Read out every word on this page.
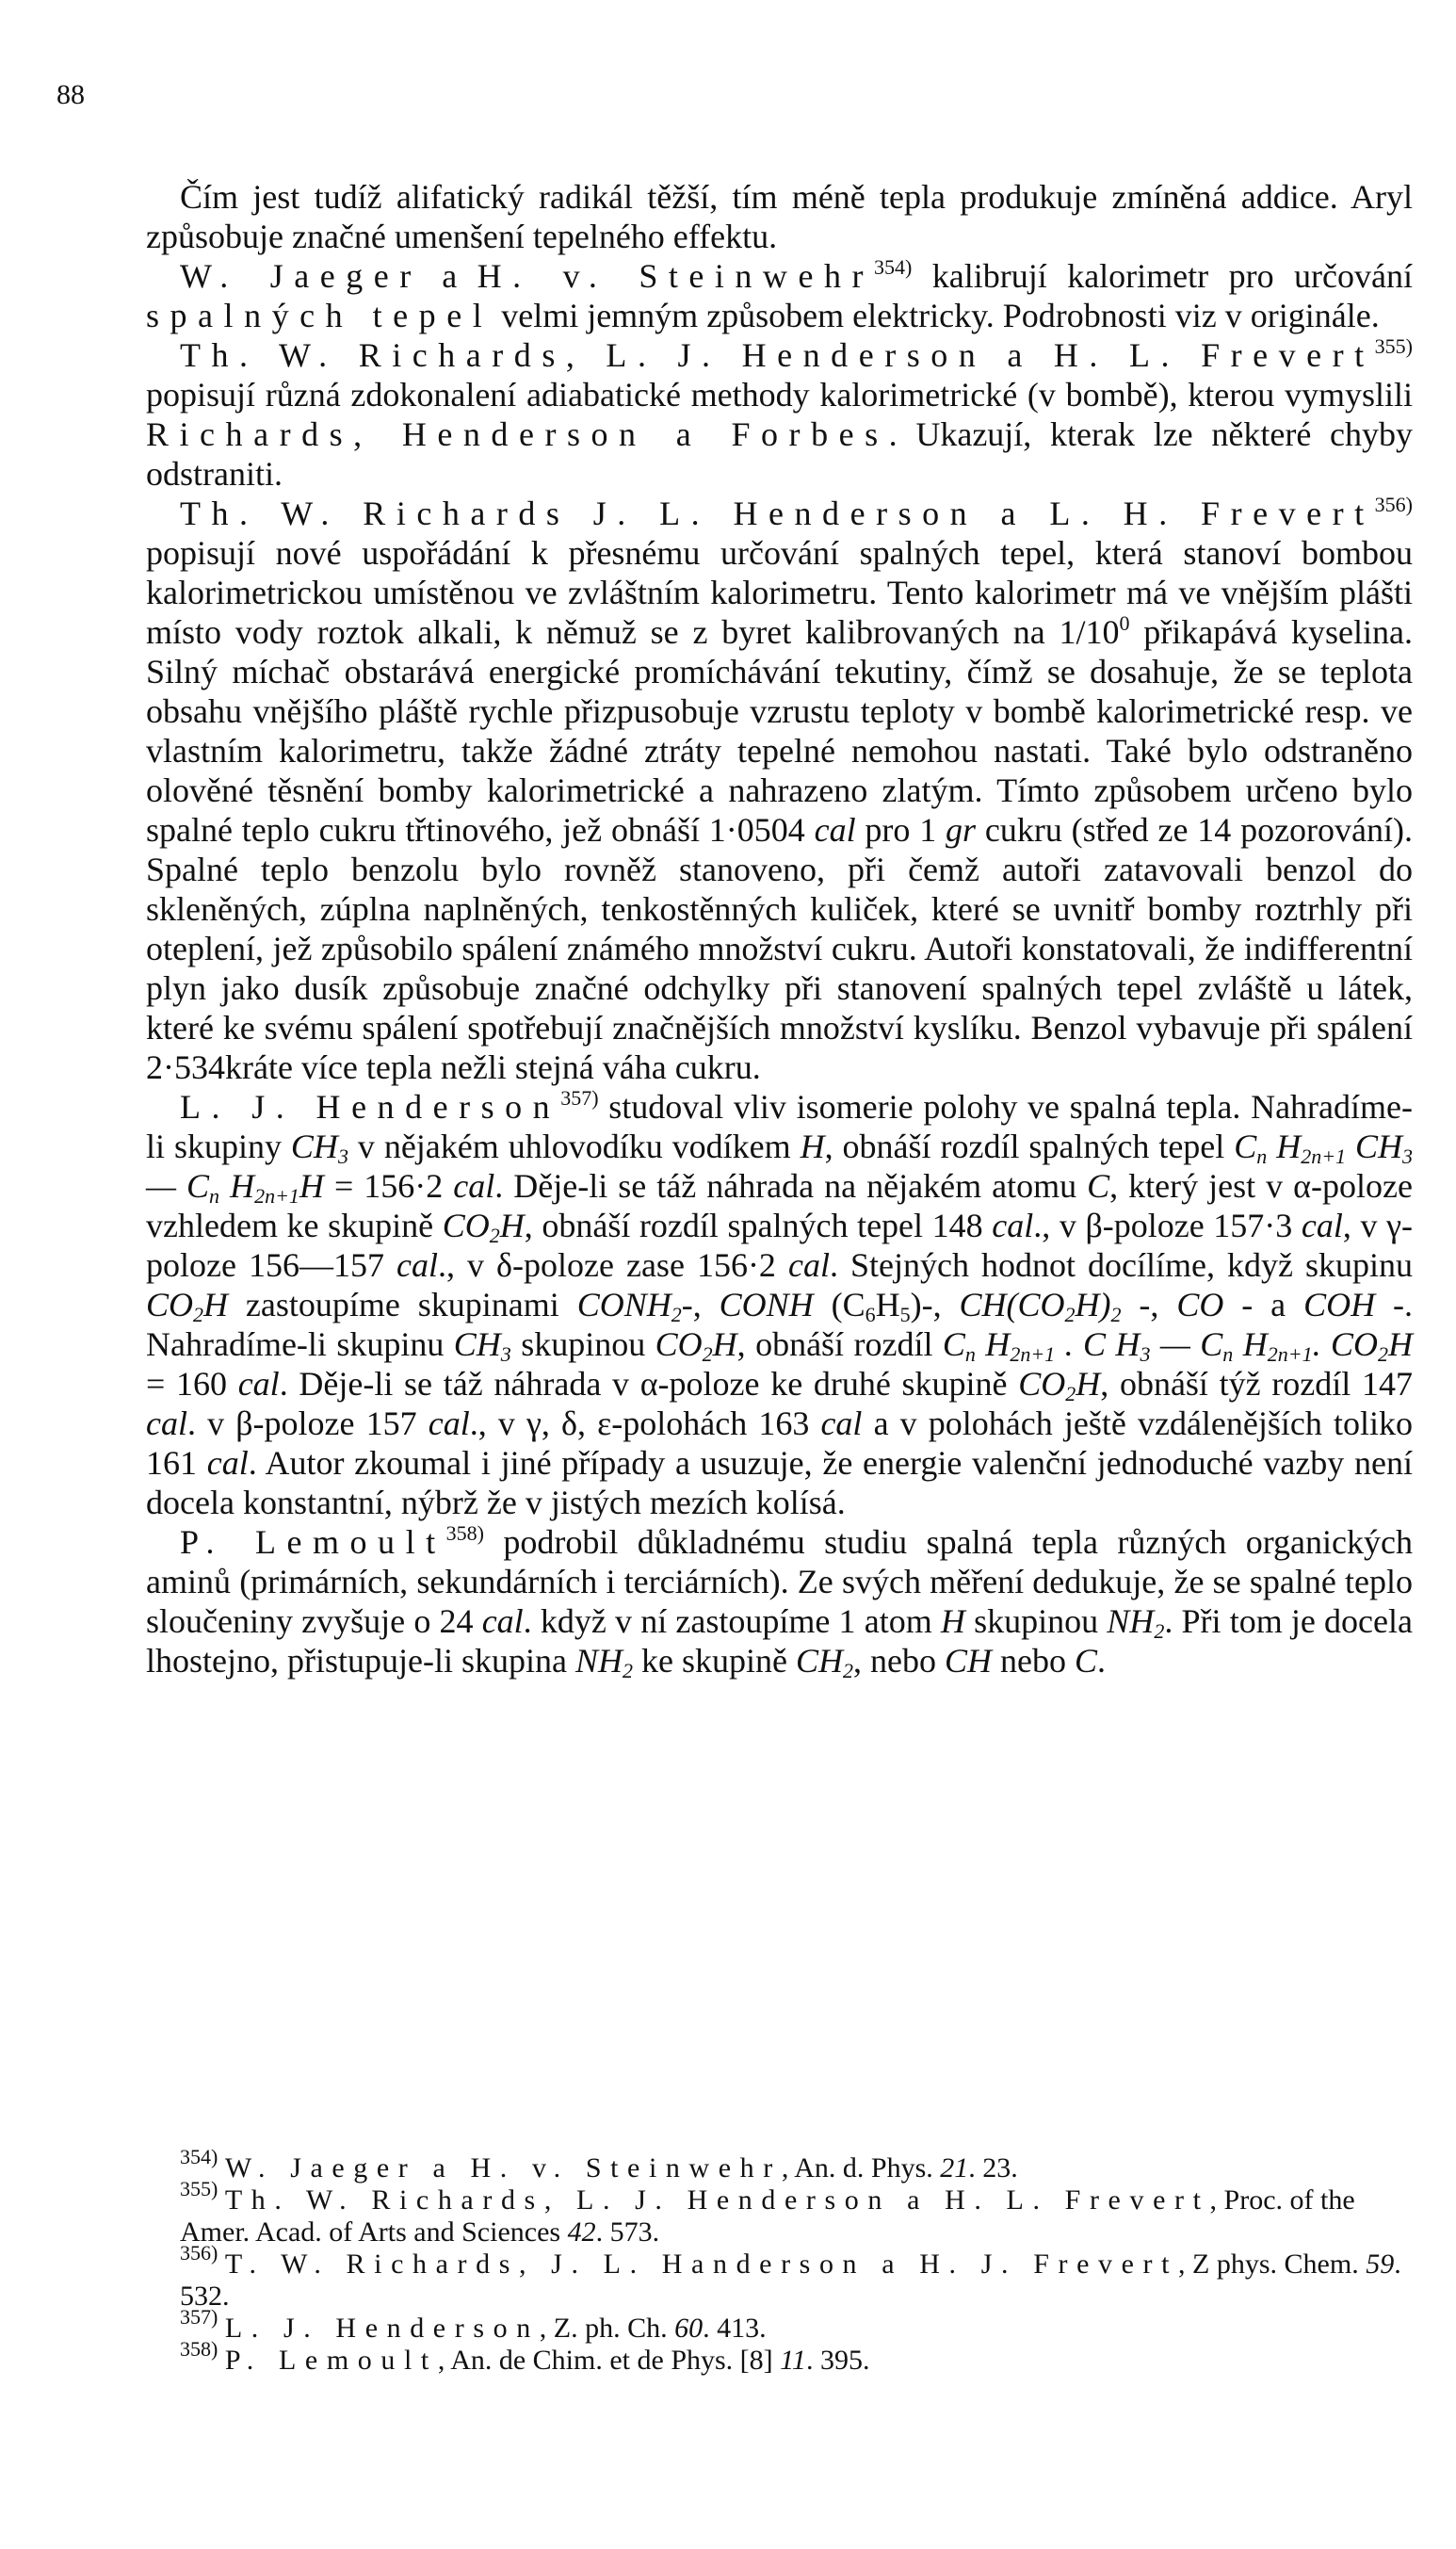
88

Čím jest tudíž alifatický radikál těžší, tím méně tepla produkuje zmíněná addice. Aryl způsobuje značné umenšení tepelného effektu.

W. Jaeger a H. v. Steinwehr$^{354)}$ kalibrují kalorimetr pro určování spalných tepel velmi jemným způsobem elektricky. Podrobnosti viz v originále.

Th. W. Richards, L. J. Henderson a H. L. Frevert$^{355)}$ popisují různá zdokonalení adiabatické methody kalorimetrické (v bombě), kterou vymyslili Richards, Henderson a Forbes. Ukazují, kterak lze některé chyby odstraniti.

Th. W. Richards J. L. Henderson a L. H. Frevert$^{356)}$ popisují nové uspořádání k přesnému určování spalných tepel, která stanoví bombou kalorimetrickou umístěnou ve zvláštním kalorimetru. Tento kalorimetr má ve vnějším plášti místo vody roztok alkali, k němuž se z byret kalibrovaných na $1/10^0$ přikapává kyselina. Silný míchač obstarává energické promíchávání tekutiny, čímž se dosahuje, že se teplota obsahu vnějšího pláště rychle přizpusobuje vzrustu teploty v bombě kalorimetrické resp. ve vlastním kalorimetru, takže žádné ztráty tepelné nemohou nastati. Také bylo odstraněno olověné těsnění bomby kalorimetrické a nahrazeno zlatým. Tímto způsobem určeno bylo spalné teplo cukru třtinového, jež obnáší 1·0504 cal pro 1 gr cukru (střed ze 14 pozorování). Spalné teplo benzolu bylo rovněž stanoveno, při čemž autoři zatavovali benzol do skleněných, zúplna naplněných, tenkostěnných kuliček, které se uvnitř bomby roztrhly při oteplení, jež způsobilo spálení známého množství cukru. Autoři konstatovali, že indifferentní plyn jako dusík způsobuje značné odchylky při stanovení spalných tepel zvláště u látek, které ke svému spálení spotřebují značnějších množství kyslíku. Benzol vybavuje při spálení 2·534kráte více tepla nežli stejná váha cukru.

L. J. Henderson$^{357)}$ studoval vliv isomerie polohy ve spalná tepla. Nahradíme-li skupiny $CH_3$ v nějakém uhlovodíku vodíkem H, obnáší rozdíl spalných tepel $C_n$ $H_{2n+1}$ $CH_3$ — $C_n$ $H_{2n+1}H = 156\cdot 2$ cal. Děje-li se táž náhrada na nějakém atomu C, který jest v α-poloze vzhledem ke skupině $CO_2H$, obnáší rozdíl spalných tepel 148 cal., v β-poloze 157·3 cal, v γ-poloze 156—157 cal., v δ-poloze zase 156·2 cal. Stejných hodnot docílíme, když skupinu $CO_2H$ zastoupíme skupinami $CONH_2-$, CONH $(C_6H_5)-$, $CH(CO_2H)_2$ -, CO - a COH -. Nahradíme-li skupinu $CH_3$ skupinou $CO_2H$, obnáší rozdíl $C_n$ $H_{2n+1}$ . C $H_3$ — $C_n$ $H_{2n+1}$. $CO_2H = 160$ cal. Děje-li se táž náhrada v α-poloze ke druhé skupině $CO_2H$, obnáší týž rozdíl 147 cal. v β-poloze 157 cal., v γ, δ, ε-polohách 163 cal a v polohách ještě vzdálenějších toliko 161 cal. Autor zkoumal i jiné případy a usuzuje, že energie valenční jednoduché vazby není docela konstantní, nýbrž že v jistých mezích kolísá.

P. Lemoult$^{358)}$ podrobil důkladnému studiu spalná tepla různých organických aminů (primárních, sekundárních i terciárních). Ze svých měření dedukuje, že se spalné teplo sloučeniny zvyšuje o 24 cal. když v ní zastoupíme 1 atom H skupinou $NH_2$. Při tom je docela lhostejno, přistupuje-li skupina $NH_2$ ke skupině $CH_2$, nebo CH nebo C.

$^{354)}$ W. Jaeger a H. v. Steinwehr, An. d. Phys. 21. 23.

$^{355)}$ Th. W. Richards, L. J. Henderson a H. L. Frevert, Proc. of the Amer. Acad. of Arts and Sciences 42. 573.

$^{356)}$ T. W. Richards, J. L. Handerson a H. J. Frevert, Z phys. Chem. 59. 532.

$^{357)}$ L. J. Henderson, Z. ph. Ch. 60. 413.

$^{358)}$ P. Lemoult, An. de Chim. et de Phys. [8] 11. 395.
